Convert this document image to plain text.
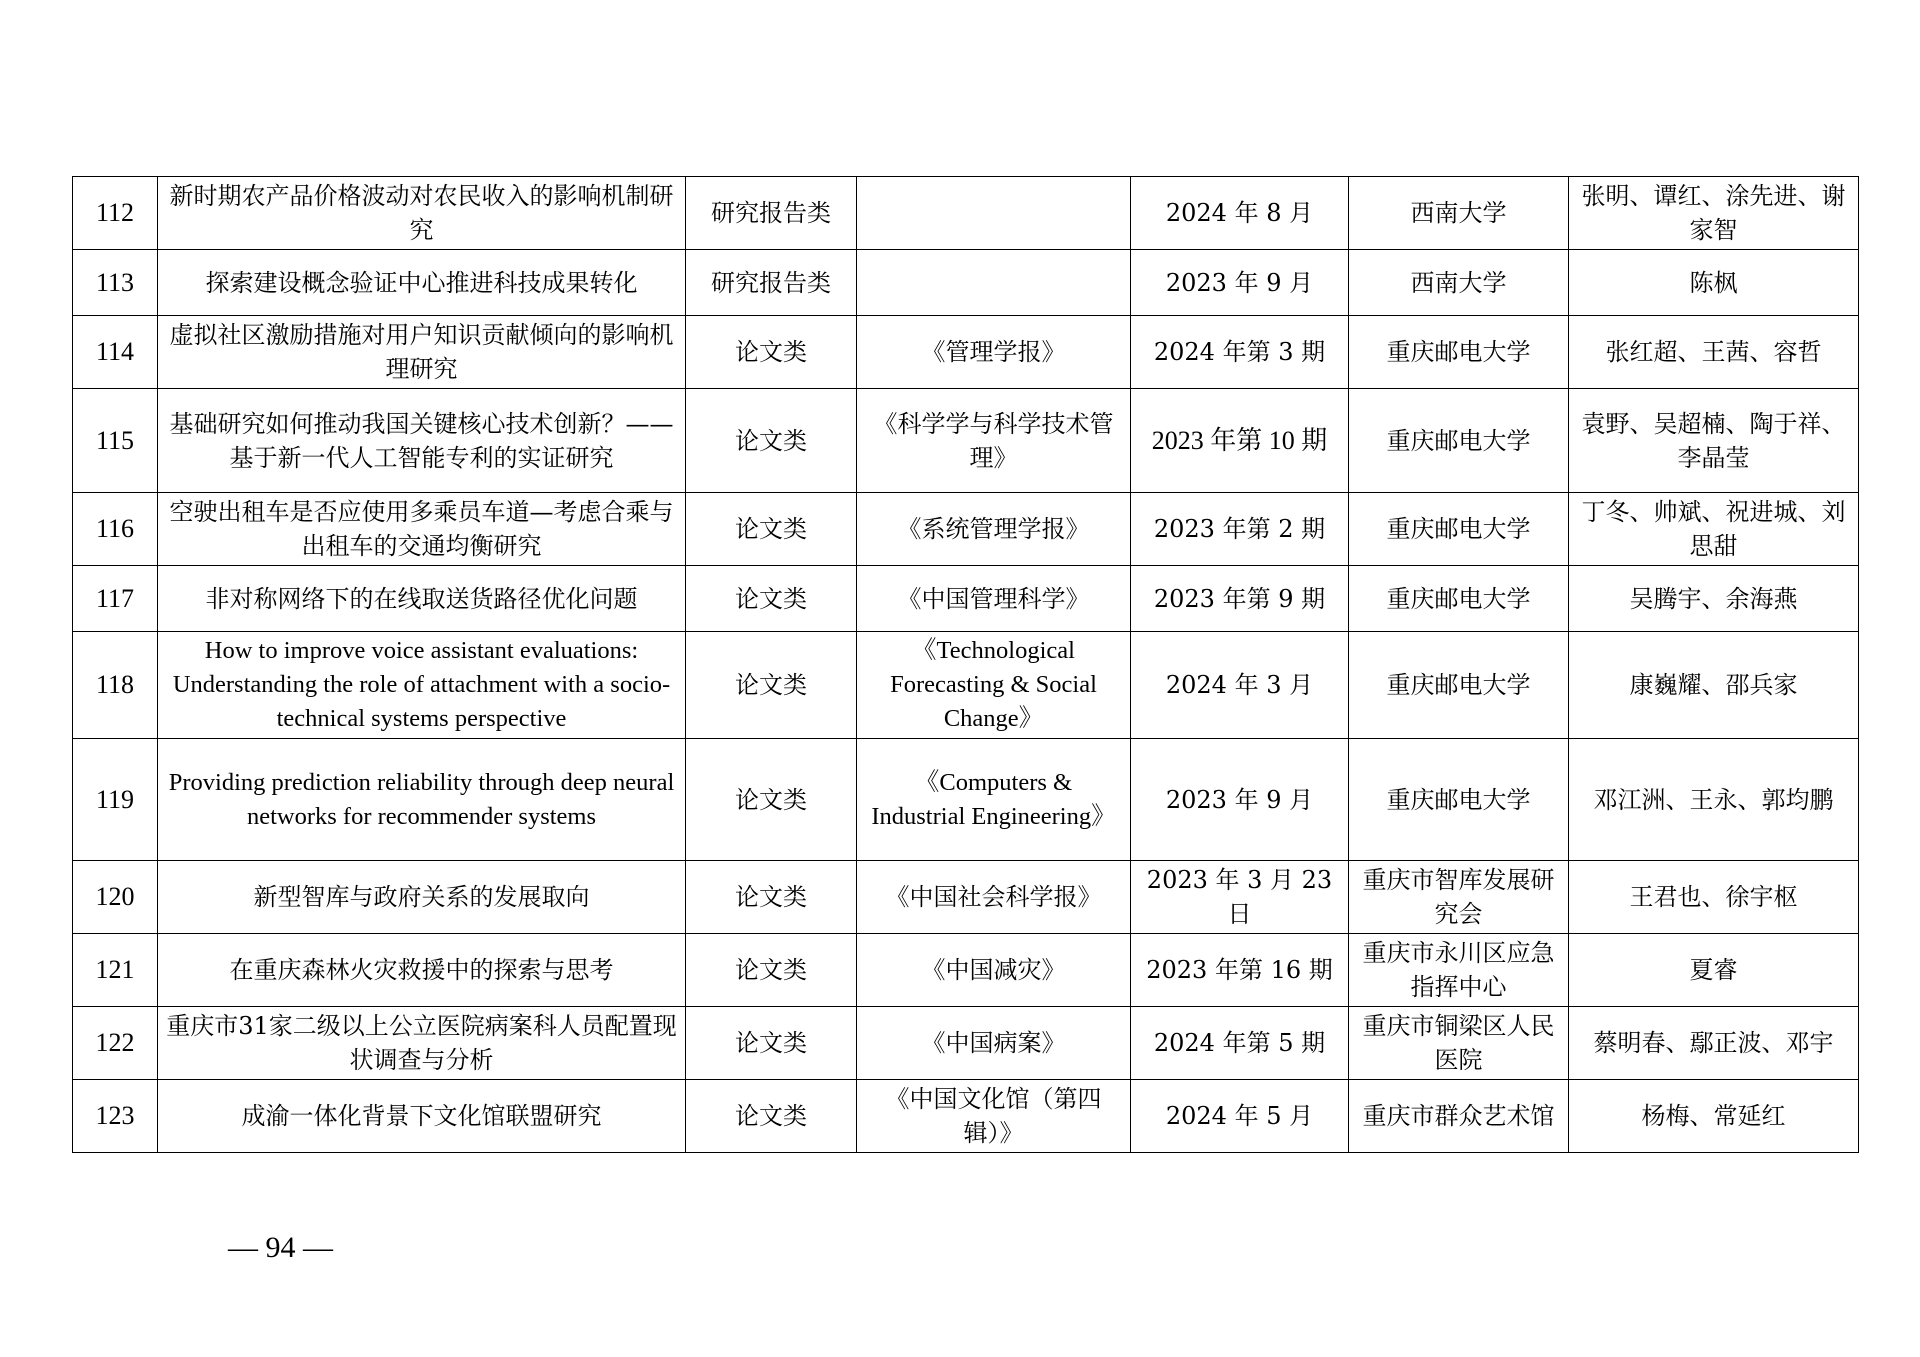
112	新时期农产品价格波动对农民收入的影响机制研究	研究报告类		2024 年 8 月	西南大学	张明、谭红、涂先进、谢家智
113	探索建设概念验证中心推进科技成果转化	研究报告类		2023 年 9 月	西南大学	陈枫
114	虚拟社区激励措施对用户知识贡献倾向的影响机理研究	论文类	《管理学报》	2024 年第 3 期	重庆邮电大学	张红超、王茜、容哲
115	基础研究如何推动我国关键核心技术创新？——基于新一代人工智能专利的实证研究	论文类	《科学学与科学技术管理》	2023 年第 10 期	重庆邮电大学	袁野、吴超楠、陶于祥、李晶莹
116	空驶出租车是否应使用多乘员车道—考虑合乘与出租车的交通均衡研究	论文类	《系统管理学报》	2023 年第 2 期	重庆邮电大学	丁冬、帅斌、祝进城、刘思甜
117	非对称网络下的在线取送货路径优化问题	论文类	《中国管理科学》	2023 年第 9 期	重庆邮电大学	吴腾宇、余海燕
118	How to improve voice assistant evaluations: Understanding the role of attachment with a socio-technical systems perspective	论文类	《Technological Forecasting & Social Change》	2024 年 3 月	重庆邮电大学	康巍耀、邵兵家
119	Providing prediction reliability through deep neural networks for recommender systems	论文类	《Computers & Industrial Engineering》	2023 年 9 月	重庆邮电大学	邓江洲、王永、郭均鹏
120	新型智库与政府关系的发展取向	论文类	《中国社会科学报》	2023 年 3 月 23 日	重庆市智库发展研究会	王君也、徐宇枢
121	在重庆森林火灾救援中的探索与思考	论文类	《中国减灾》	2023 年第 16 期	重庆市永川区应急指挥中心	夏睿
122	重庆市31家二级以上公立医院病案科人员配置现状调查与分析	论文类	《中国病案》	2024 年第 5 期	重庆市铜梁区人民医院	蔡明春、鄢正波、邓宇
123	成渝一体化背景下文化馆联盟研究	论文类	《中国文化馆（第四辑）》	2024 年 5 月	重庆市群众艺术馆	杨梅、常延红
— 94 —
